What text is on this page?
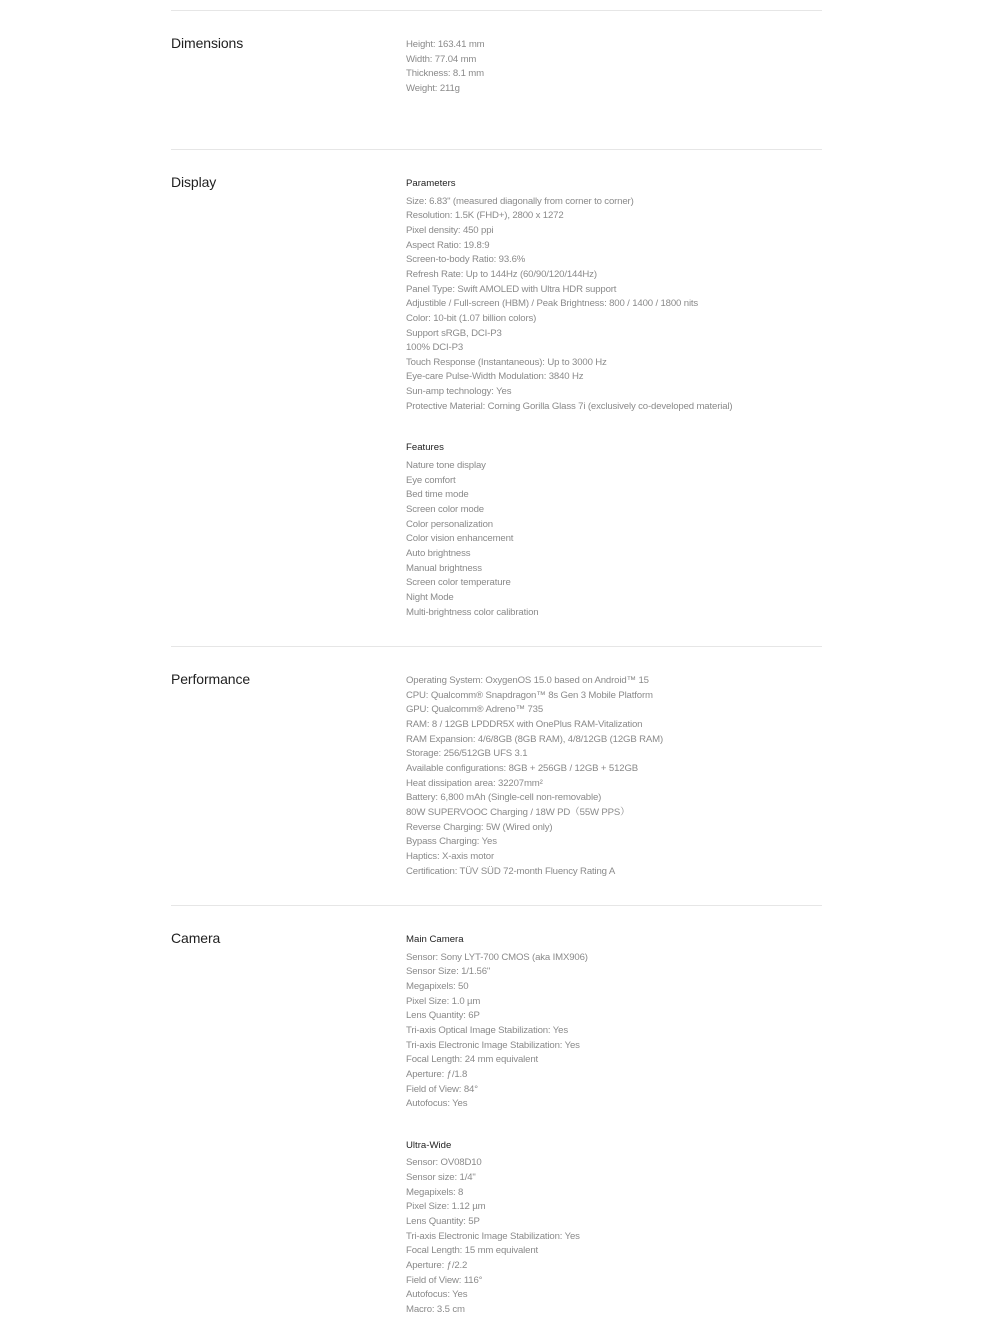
Dimensions	Height: 163.41 mm
Width: 77.04 mm
Thickness: 8.1 mm
Weight: 211g
Display	Parameters
Size: 6.83" (measured diagonally from corner to corner)
Resolution: 1.5K (FHD+), 2800 x 1272
Pixel density: 450 ppi
Aspect Ratio: 19.8:9
Screen-to-body Ratio: 93.6%
Refresh Rate: Up to 144Hz (60/90/120/144Hz)
Panel Type: Swift AMOLED with Ultra HDR support
Adjustible / Full-screen (HBM) / Peak Brightness: 800 / 1400 / 1800 nits
Color: 10-bit (1.07 billion colors)
Support sRGB, DCI-P3
100% DCI-P3
Touch Response (Instantaneous): Up to 3000 Hz
Eye-care Pulse-Width Modulation: 3840 Hz
Sun-amp technology: Yes
Protective Material: Corning Gorilla Glass 7i (exclusively co-developed material)
Features
Nature tone display
Eye comfort
Bed time mode
Screen color mode
Color personalization
Color vision enhancement
Auto brightness
Manual brightness
Screen color temperature
Night Mode
Multi-brightness color calibration
Performance	Operating System: OxygenOS 15.0 based on Android™ 15
CPU: Qualcomm® Snapdragon™ 8s Gen 3 Mobile Platform
GPU: Qualcomm® Adreno™ 735
RAM: 8 / 12GB LPDDR5X with OnePlus RAM-Vitalization
RAM Expansion: 4/6/8GB (8GB RAM), 4/8/12GB (12GB RAM)
Storage: 256/512GB UFS 3.1
Available configurations: 8GB + 256GB / 12GB + 512GB
Heat dissipation area: 32207mm²
Battery: 6,800 mAh (Single-cell non-removable)
80W SUPERVOOC Charging / 18W PD（55W PPS）
Reverse Charging: 5W (Wired only)
Bypass Charging: Yes
Haptics: X-axis motor
Certification: TÜV SÜD 72-month Fluency Rating A
Camera	Main Camera
Sensor: Sony LYT-700 CMOS (aka IMX906)
Sensor Size: 1/1.56"
Megapixels: 50
Pixel Size: 1.0 µm
Lens Quantity: 6P
Tri-axis Optical Image Stabilization: Yes
Tri-axis Electronic Image Stabilization: Yes
Focal Length: 24 mm equivalent
Aperture: ƒ/1.8
Field of View: 84°
Autofocus: Yes
Ultra-Wide
Sensor: OV08D10
Sensor size: 1/4"
Megapixels: 8
Pixel Size: 1.12 µm
Lens Quantity: 5P
Tri-axis Electronic Image Stabilization: Yes
Focal Length: 15 mm equivalent
Aperture: ƒ/2.2
Field of View: 116°
Autofocus: Yes
Macro: 3.5 cm
